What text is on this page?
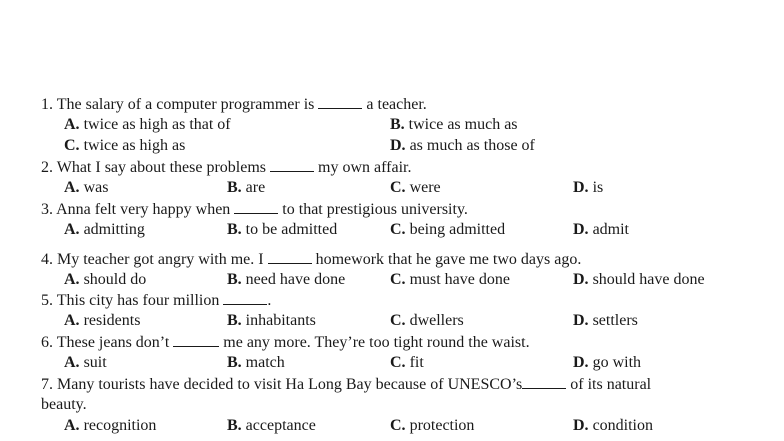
1. The salary of a computer programmer is	a teacher.
A. twice as high as that of	B. twice as much as
C. twice as high as	D. as much as those of
2. What I say about these problems	my own affair.
A. was	B. are	C. were	D. is
3. Anna felt very happy when	to that prestigious university.
A. admitting	B. to be admitted	C. being admitted	D. admit
4. My teacher got angry with me. I	homework that he gave me two days ago.
A. should do	B. need have done	C. must have done	D. should have done
5. This city has four million	.
A. residents	B. inhabitants	C. dwellers	D. settlers
6. These jeans don’t	me any more. They’re too tight round the waist.
A. suit	B. match	C. fit	D. go with
7. Many tourists have decided to visit Ha Long Bay because of UNESCO’s	of its natural
beauty.
A. recognition	B. acceptance	C. protection	D. condition
